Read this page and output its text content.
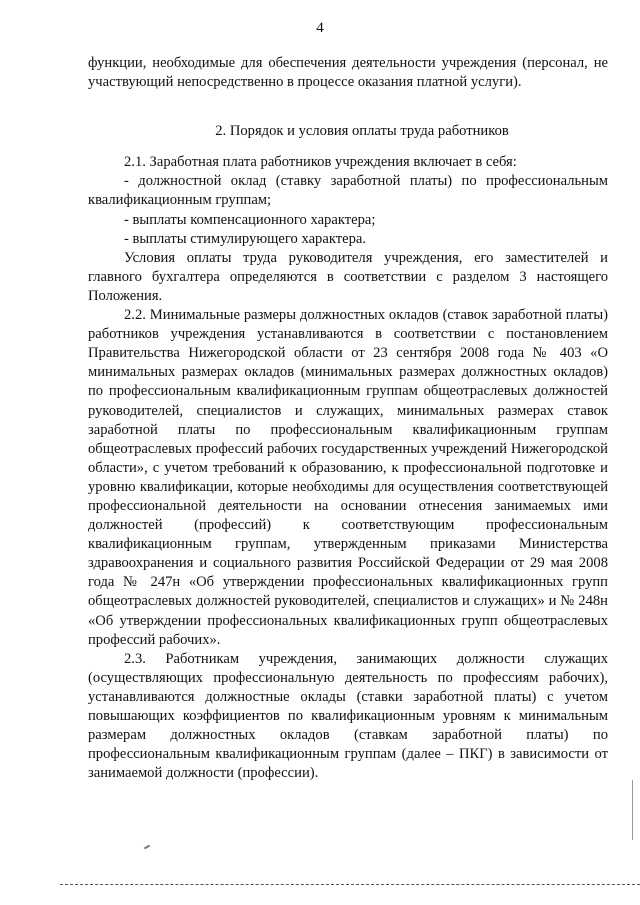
4

функции, необходимые для обеспечения деятельности учреждения (персонал, не участвующий непосредственно в процессе оказания платной услуги).

2. Порядок и условия оплаты труда работников

2.1. Заработная плата работников учреждения включает в себя:

- должностной оклад (ставку заработной платы) по профессиональным квалификационным группам;

- выплаты компенсационного характера;

- выплаты стимулирующего характера.

Условия оплаты труда руководителя учреждения, его заместителей и главного бухгалтера определяются в соответствии с разделом 3 настоящего Положения.

2.2. Минимальные размеры должностных окладов (ставок заработной платы) работников учреждения устанавливаются в соответствии с постановлением Правительства Нижегородской области от 23 сентября 2008 года № 403 «О минимальных размерах окладов (минимальных размерах должностных окладов) по профессиональным квалификационным группам общеотраслевых должностей руководителей, специалистов и служащих, минимальных размерах ставок заработной платы по профессиональным квалификационным группам общеотраслевых профессий рабочих государственных учреждений Нижегородской области», с учетом требований к образованию, к профессиональной подготовке и уровню квалификации, которые необходимы для осуществления соответствующей профессиональной деятельности на основании отнесения занимаемых ими должностей (профессий) к соответствующим профессиональным квалификационным группам, утвержденным приказами Министерства здравоохранения и социального развития Российской Федерации от 29 мая 2008 года № 247н «Об утверждении профессиональных квалификационных групп общеотраслевых должностей руководителей, специалистов и служащих» и № 248н «Об утверждении профессиональных квалификационных групп общеотраслевых профессий рабочих».

2.3. Работникам учреждения, занимающих должности служащих (осуществляющих профессиональную деятельность по профессиям рабочих), устанавливаются должностные оклады (ставки заработной платы) с учетом повышающих коэффициентов по квалификационным уровням к минимальным размерам должностных окладов (ставкам заработной платы) по профессиональным квалификационным группам (далее – ПКГ) в зависимости от занимаемой должности (профессии).
